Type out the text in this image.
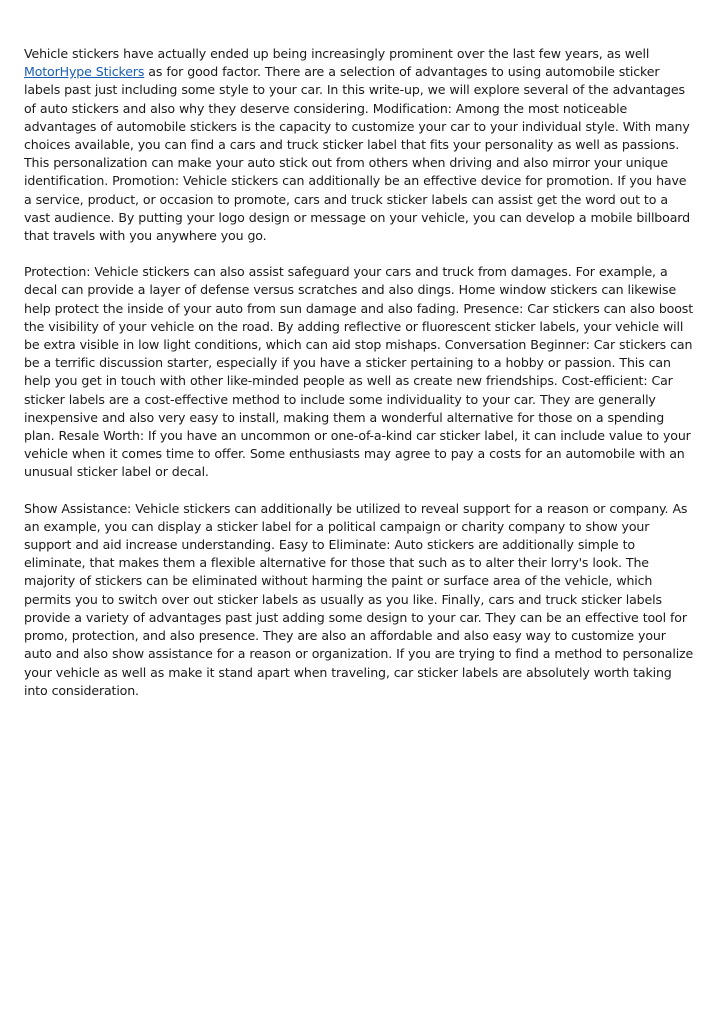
Vehicle stickers have actually ended up being increasingly prominent over the last few years, as well MotorHype Stickers as for good factor. There are a selection of advantages to using automobile sticker labels past just including some style to your car. In this write-up, we will explore several of the advantages of auto stickers and also why they deserve considering. Modification: Among the most noticeable advantages of automobile stickers is the capacity to customize your car to your individual style. With many choices available, you can find a cars and truck sticker label that fits your personality as well as passions. This personalization can make your auto stick out from others when driving and also mirror your unique identification. Promotion: Vehicle stickers can additionally be an effective device for promotion. If you have a service, product, or occasion to promote, cars and truck sticker labels can assist get the word out to a vast audience. By putting your logo design or message on your vehicle, you can develop a mobile billboard that travels with you anywhere you go.

Protection: Vehicle stickers can also assist safeguard your cars and truck from damages. For example, a decal can provide a layer of defense versus scratches and also dings. Home window stickers can likewise help protect the inside of your auto from sun damage and also fading. Presence: Car stickers can also boost the visibility of your vehicle on the road. By adding reflective or fluorescent sticker labels, your vehicle will be extra visible in low light conditions, which can aid stop mishaps. Conversation Beginner: Car stickers can be a terrific discussion starter, especially if you have a sticker pertaining to a hobby or passion. This can help you get in touch with other like-minded people as well as create new friendships. Cost-efficient: Car sticker labels are a cost-effective method to include some individuality to your car. They are generally inexpensive and also very easy to install, making them a wonderful alternative for those on a spending plan. Resale Worth: If you have an uncommon or one-of-a-kind car sticker label, it can include value to your vehicle when it comes time to offer. Some enthusiasts may agree to pay a costs for an automobile with an unusual sticker label or decal.

Show Assistance: Vehicle stickers can additionally be utilized to reveal support for a reason or company. As an example, you can display a sticker label for a political campaign or charity company to show your support and aid increase understanding. Easy to Eliminate: Auto stickers are additionally simple to eliminate, that makes them a flexible alternative for those that such as to alter their lorry's look. The majority of stickers can be eliminated without harming the paint or surface area of the vehicle, which permits you to switch over out sticker labels as usually as you like. Finally, cars and truck sticker labels provide a variety of advantages past just adding some design to your car. They can be an effective tool for promo, protection, and also presence. They are also an affordable and also easy way to customize your auto and also show assistance for a reason or organization. If you are trying to find a method to personalize your vehicle as well as make it stand apart when traveling, car sticker labels are absolutely worth taking into consideration.
